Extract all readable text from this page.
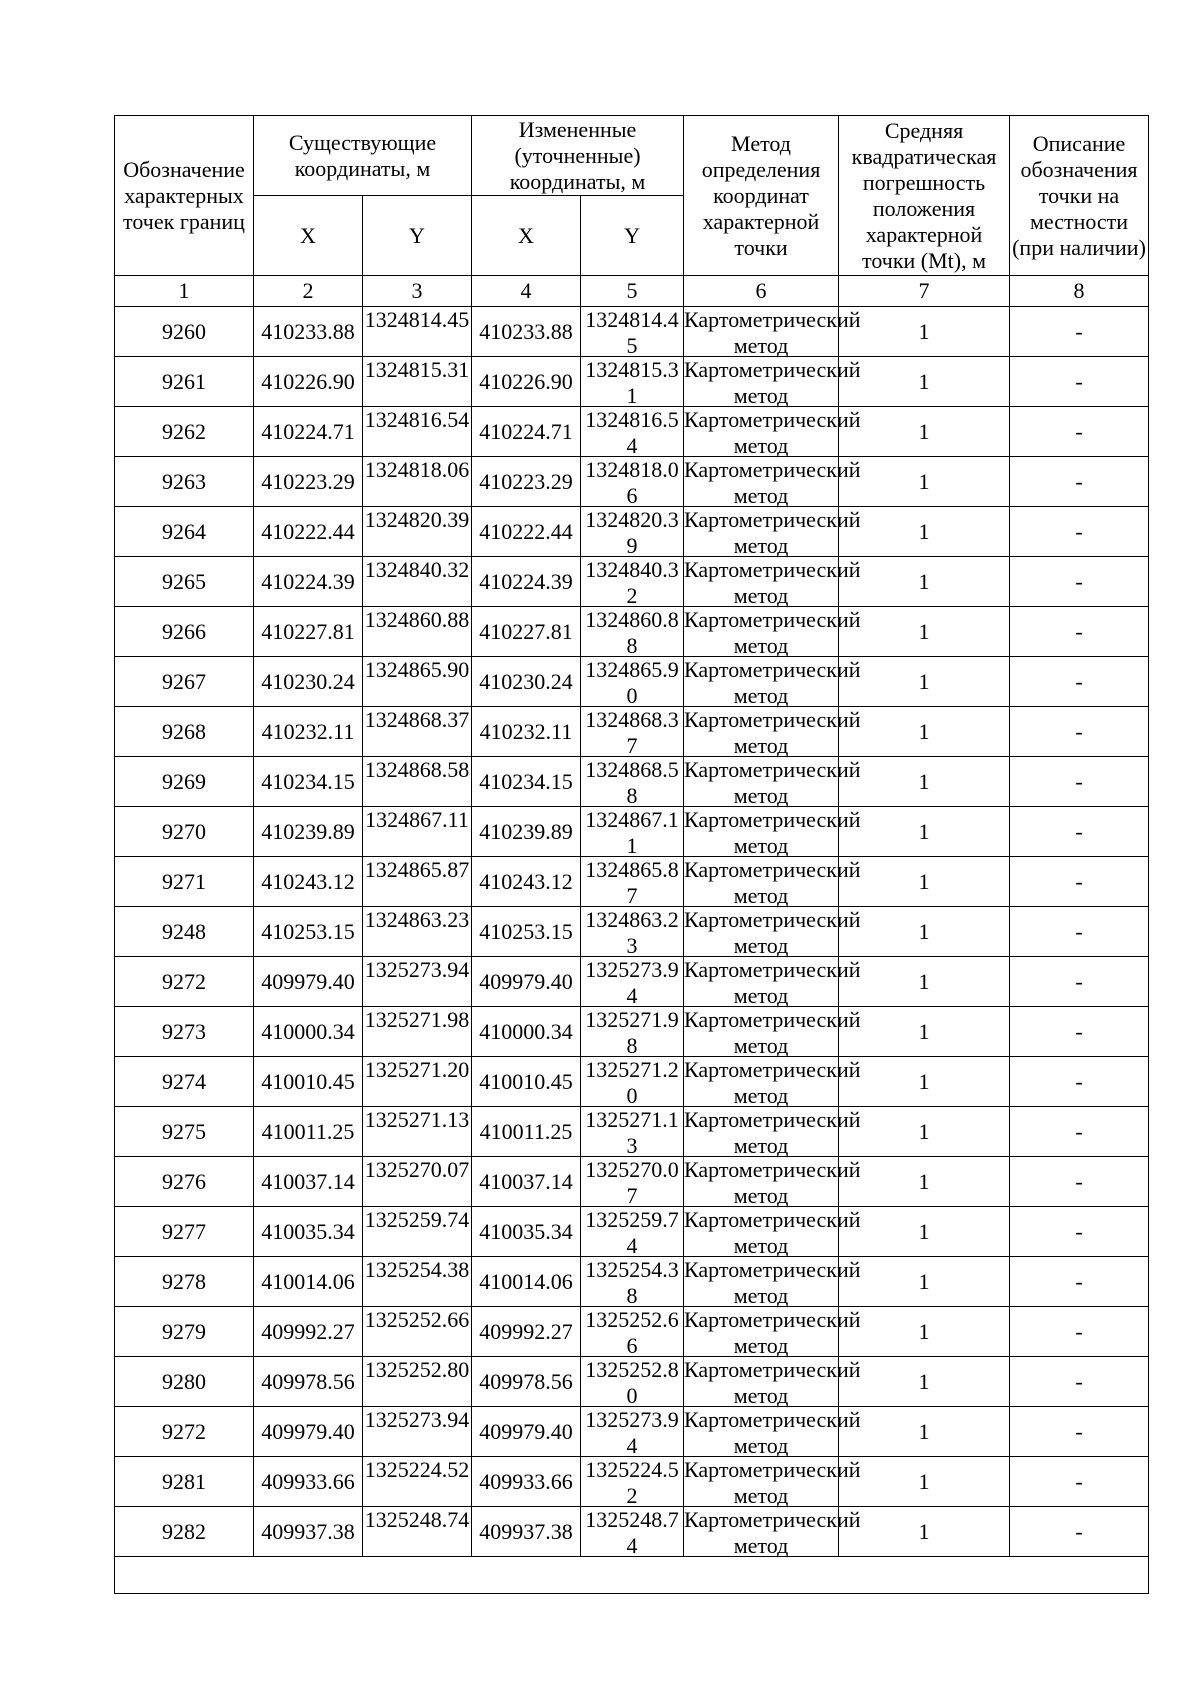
Обозначение характерных точек границ	Существующие координаты, м		Измененные (уточненные) координаты, м		Метод определения координат характерной точки	Средняя квадратическая погрешность положения характерной точки (Mt), м	Описание обозначения точки на местности (при наличии)

	X	Y	X	Y			
1	2	3	4	5	6	7	8
9260	410233.88	1324814.45	410233.88	1324814.45	Картометрический метод	1	-
9261	410226.90	1324815.31	410226.90	1324815.31	Картометрический метод	1	-
9262	410224.71	1324816.54	410224.71	1324816.54	Картометрический метод	1	-
9263	410223.29	1324818.06	410223.29	1324818.06	Картометрический метод	1	-
9264	410222.44	1324820.39	410222.44	1324820.39	Картометрический метод	1	-
9265	410224.39	1324840.32	410224.39	1324840.32	Картометрический метод	1	-
9266	410227.81	1324860.88	410227.81	1324860.88	Картометрический метод	1	-
9267	410230.24	1324865.90	410230.24	1324865.90	Картометрический метод	1	-
9268	410232.11	1324868.37	410232.11	1324868.37	Картометрический метод	1	-
9269	410234.15	1324868.58	410234.15	1324868.58	Картометрический метод	1	-
9270	410239.89	1324867.11	410239.89	1324867.11	Картометрический метод	1	-
9271	410243.12	1324865.87	410243.12	1324865.87	Картометрический метод	1	-
9248	410253.15	1324863.23	410253.15	1324863.23	Картометрический метод	1	-
9272	409979.40	1325273.94	409979.40	1325273.94	Картометрический метод	1	-
9273	410000.34	1325271.98	410000.34	1325271.98	Картометрический метод	1	-
9274	410010.45	1325271.20	410010.45	1325271.20	Картометрический метод	1	-
9275	410011.25	1325271.13	410011.25	1325271.13	Картометрический метод	1	-
9276	410037.14	1325270.07	410037.14	1325270.07	Картометрический метод	1	-
9277	410035.34	1325259.74	410035.34	1325259.74	Картометрический метод	1	-
9278	410014.06	1325254.38	410014.06	1325254.38	Картометрический метод	1	-
9279	409992.27	1325252.66	409992.27	1325252.66	Картометрический метод	1	-
9280	409978.56	1325252.80	409978.56	1325252.80	Картометрический метод	1	-
9272	409979.40	1325273.94	409979.40	1325273.94	Картометрический метод	1	-
9281	409933.66	1325224.52	409933.66	1325224.52	Картометрический метод	1	-
9282	409937.38	1325248.74	409937.38	1325248.74	Картометрический метод	1	-
